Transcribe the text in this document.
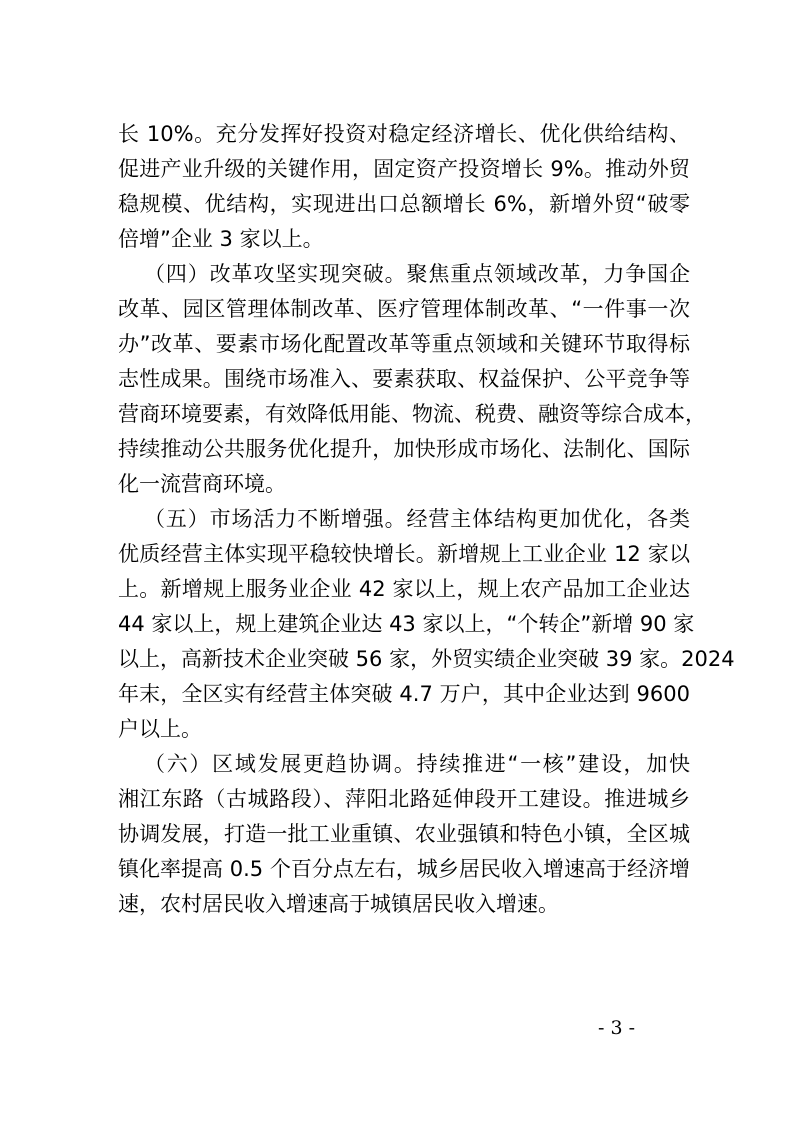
长 10%。充分发挥好投资对稳定经济增长、优化供给结构、
促进产业升级的关键作用，固定资产投资增长 9%。推动外贸
稳规模、优结构，实现进出口总额增长 6%，新增外贸“破零
倍增”企业 3 家以上。
（四）改革攻坚实现突破。聚焦重点领域改革，力争国企
改革、园区管理体制改革、医疗管理体制改革、“一件事一次
办”改革、要素市场化配置改革等重点领域和关键环节取得标
志性成果。围绕市场准入、要素获取、权益保护、公平竞争等
营商环境要素，有效降低用能、物流、税费、融资等综合成本，
持续推动公共服务优化提升，加快形成市场化、法制化、国际
化一流营商环境。
（五）市场活力不断增强。经营主体结构更加优化，各类
优质经营主体实现平稳较快增长。新增规上工业企业 12 家以
上。新增规上服务业企业 42 家以上，规上农产品加工企业达
44 家以上，规上建筑企业达 43 家以上，“个转企”新增 90 家
以上，高新技术企业突破 56 家，外贸实绩企业突破 39 家。2024
年末，全区实有经营主体突破 4.7 万户，其中企业达到 9600
户以上。
（六）区域发展更趋协调。持续推进“一核”建设，加快
湘江东路（古城路段）、萍阳北路延伸段开工建设。推进城乡
协调发展，打造一批工业重镇、农业强镇和特色小镇，全区城
镇化率提高 0.5 个百分点左右，城乡居民收入增速高于经济增
速，农村居民收入增速高于城镇居民收入增速。
- 3 -
